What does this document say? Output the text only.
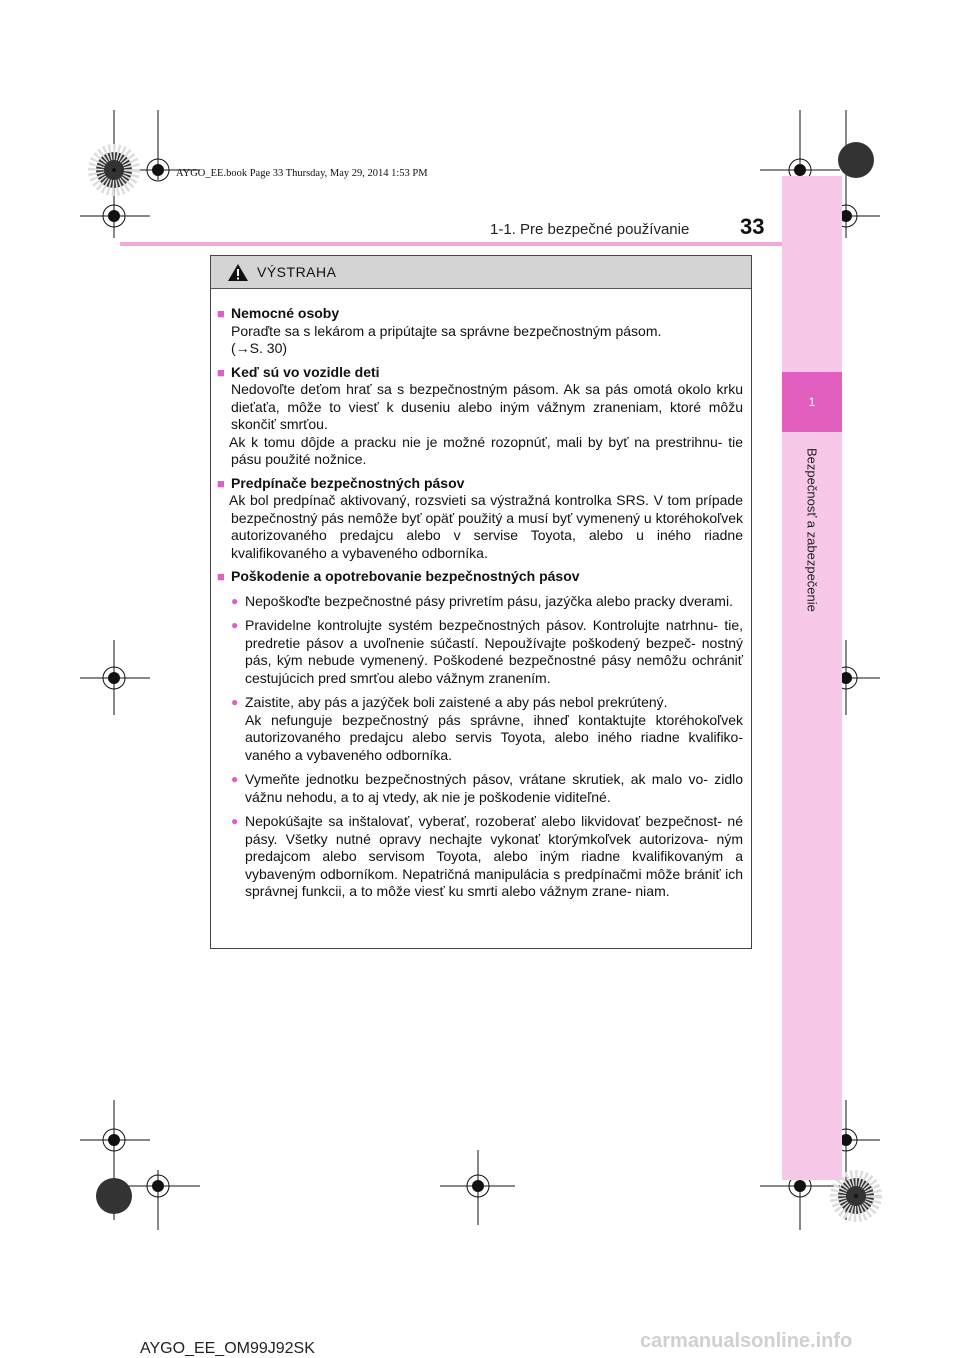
1
Bezpečnosť a zabezpečenie
AYGO_EE.book Page 33 Thursday, May 29, 2014 1:53 PM
1-1. Pre bezpečné používanie 33
VÝSTRAHA
■ Nemocné osoby
Poraďte sa s lekárom a pripútajte sa správne bezpečnostným pásom.
(→S. 30)
■ Keď sú vo vozidle deti
Nedovoľte deťom hrať sa s bezpečnostným pásom. Ak sa pás omotá okolo krku dieťaťa, môže to viesť k duseniu alebo iným vážnym zraneniam, ktoré môžu skončiť smrťou.
Ak k tomu dôjde a pracku nie je možné rozopnúť, mali by byť na prestrihnu- tie pásu použité nožnice.
■ Predpínače bezpečnostných pásov
Ak bol predpínač aktivovaný, rozsvieti sa výstražná kontrolka SRS. V tom prípade bezpečnostný pás nemôže byť opäť použitý a musí byť vymenený u ktoréhokoľvek autorizovaného predajcu alebo v servise Toyota, alebo u iného riadne kvalifikovaného a vybaveného odborníka.
■ Poškodenie a opotrebovanie bezpečnostných pásov
● Nepoškoďte bezpečnostné pásy privretím pásu, jazýčka alebo pracky dverami.
● Pravidelne kontrolujte systém bezpečnostných pásov. Kontrolujte natrhnu- tie, predretie pásov a uvoľnenie súčastí. Nepoužívajte poškodený bezpeč- nostný pás, kým nebude vymenený. Poškodené bezpečnostné pásy nemôžu ochrániť cestujúcich pred smrťou alebo vážnym zranením.
● Zaistite, aby pás a jazýček boli zaistené a aby pás nebol prekrútený.
Ak nefunguje bezpečnostný pás správne, ihneď kontaktujte ktoréhokoľvek autorizovaného predajcu alebo servis Toyota, alebo iného riadne kvalifiko- vaného a vybaveného odborníka.
● Vymeňte jednotku bezpečnostných pásov, vrátane skrutiek, ak malo vo- zidlo vážnu nehodu, a to aj vtedy, ak nie je poškodenie viditeľné.
● Nepokúšajte sa inštalovať, vyberať, rozoberať alebo likvidovať bezpečnost- né pásy. Všetky nutné opravy nechajte vykonať ktorýmkoľvek autorizova- ným predajcom alebo servisom Toyota, alebo iným riadne kvalifikovaným a vybaveným odborníkom. Nepatričná manipulácia s predpínačmi môže brániť ich správnej funkcii, a to môže viesť ku smrti alebo vážnym zrane- niam.
AYGO_EE_OM99J92SK	carmanualsonline.info
